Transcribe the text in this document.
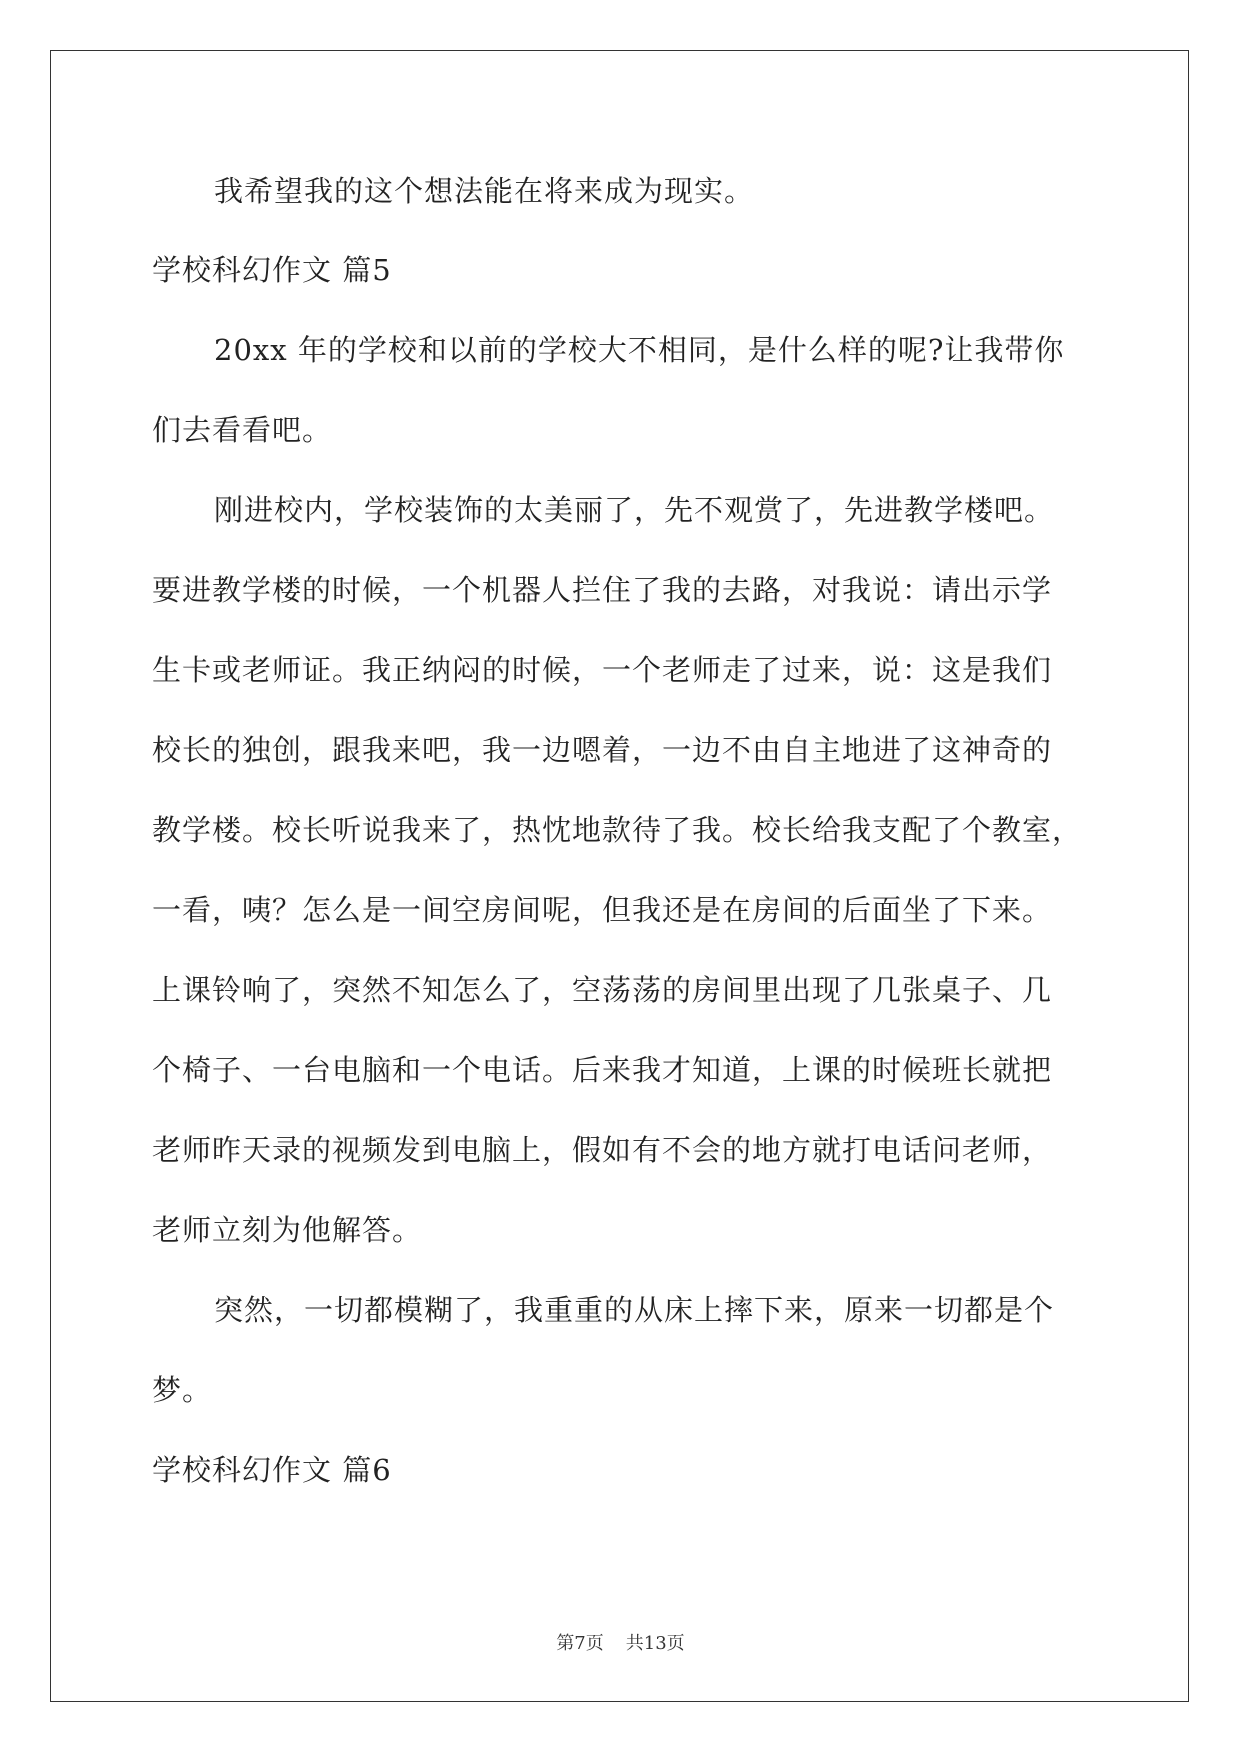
我希望我的这个想法能在将来成为现实。
学校科幻作文 篇5
20xx 年的学校和以前的学校大不相同，是什么样的呢?让我带你
们去看看吧。
刚进校内，学校装饰的太美丽了，先不观赏了，先进教学楼吧。
要进教学楼的时候，一个机器人拦住了我的去路，对我说：请出示学
生卡或老师证。我正纳闷的时候，一个老师走了过来，说：这是我们
校长的独创，跟我来吧，我一边嗯着，一边不由自主地进了这神奇的
教学楼。校长听说我来了，热忱地款待了我。校长给我支配了个教室，
一看，咦？怎么是一间空房间呢，但我还是在房间的后面坐了下来。
上课铃响了，突然不知怎么了，空荡荡的房间里出现了几张桌子、几
个椅子、一台电脑和一个电话。后来我才知道，上课的时候班长就把
老师昨天录的视频发到电脑上，假如有不会的地方就打电话问老师，
老师立刻为他解答。
突然，一切都模糊了，我重重的从床上摔下来，原来一切都是个
梦。
学校科幻作文 篇6
第7页 共13页
